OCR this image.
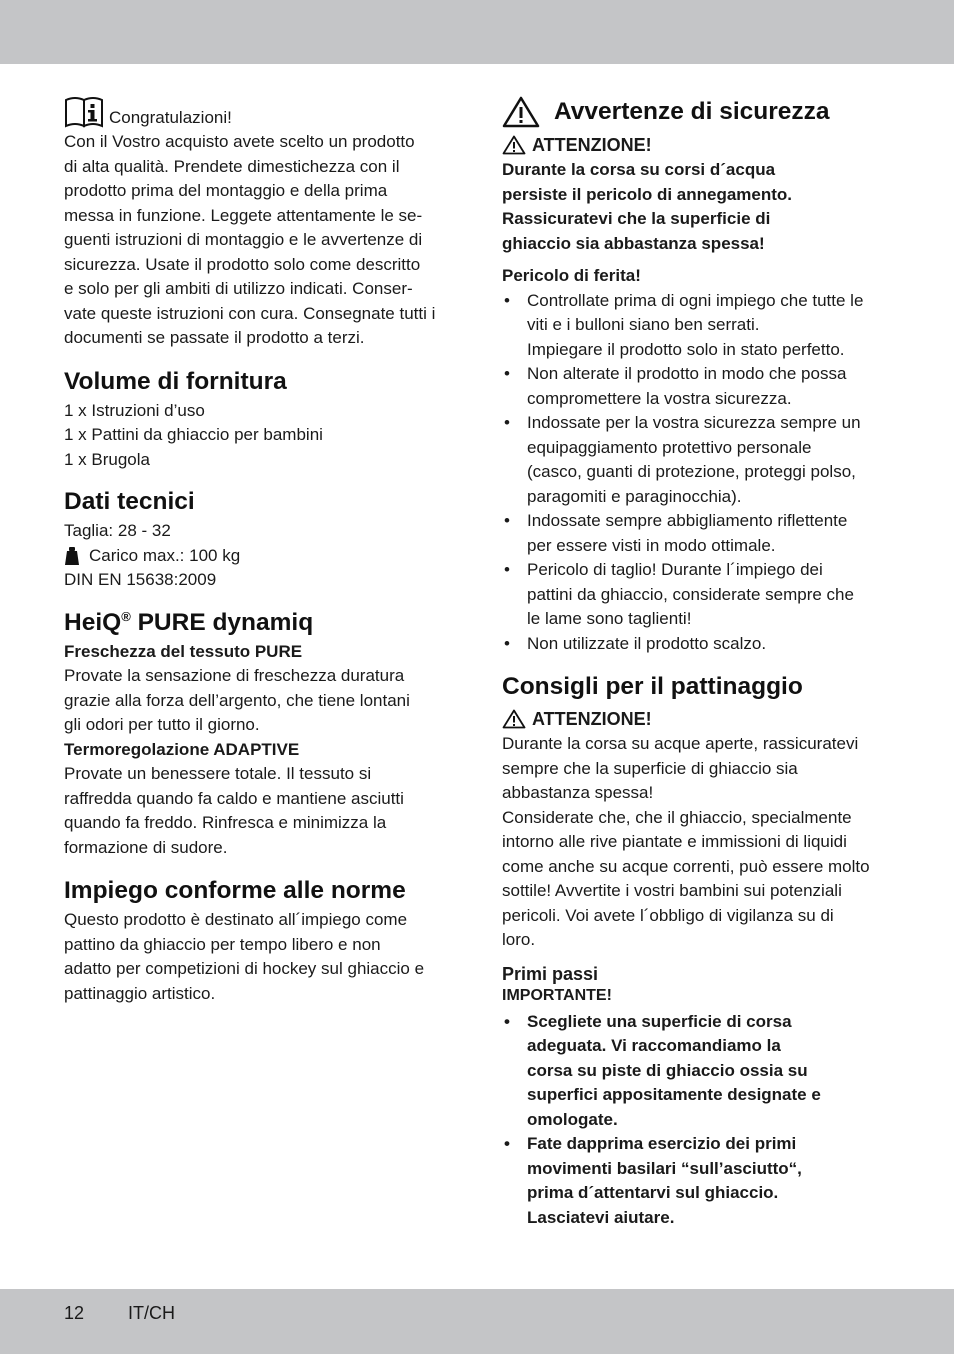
Congratulazioni!
Con il Vostro acquisto avete scelto un prodotto
di alta qualità. Prendete dimestichezza con il
prodotto prima del montaggio e della prima
messa in funzione. Leggete attentamente le se-
guenti istruzioni di montaggio e le avvertenze di
sicurezza. Usate il prodotto solo come descritto
e solo per gli ambiti di utilizzo indicati. Conser-
vate queste istruzioni con cura. Consegnate tutti i
documenti se passate il prodotto a terzi.
Volume di fornitura
1 x Istruzioni d’uso
1 x Pattini da ghiaccio per bambini
1 x Brugola
Dati tecnici
Taglia: 28 - 32
Carico max.: 100 kg
DIN EN 15638:2009
HeiQ® PURE dynamiq
Freschezza del tessuto PURE
Provate la sensazione di freschezza duratura
grazie alla forza dell’argento, che tiene lontani
gli odori per tutto il giorno.
Termoregolazione ADAPTIVE
Provate un benessere totale. Il tessuto si
raffredda quando fa caldo e mantiene asciutti
quando fa freddo. Rinfresca e minimizza la
formazione di sudore.
Impiego conforme alle norme
Questo prodotto è destinato all´impiego come
pattino da ghiaccio per tempo libero e non
adatto per competizioni di hockey sul ghiaccio e
pattinaggio artistico.
Avvertenze di sicurezza
ATTENZIONE!
Durante la corsa su corsi d´acqua
persiste il pericolo di annegamento.
Rassicuratevi che la superficie di
ghiaccio sia abbastanza spessa!
Pericolo di ferita!
• Controllate prima di ogni impiego che tutte le
viti e i bulloni siano ben serrati.
Impiegare il prodotto solo in stato perfetto.
• Non alterate il prodotto in modo che possa
compromettere la vostra sicurezza.
• Indossate per la vostra sicurezza sempre un
equipaggiamento protettivo personale
(casco, guanti di protezione, proteggi polso,
paragomiti e paraginocchia).
• Indossate sempre abbigliamento riflettente
per essere visti in modo ottimale.
• Pericolo di taglio! Durante l´impiego dei
pattini da ghiaccio, considerate sempre che
le lame sono taglienti!
• Non utilizzate il prodotto scalzo.
Consigli per il pattinaggio
ATTENZIONE!
Durante la corsa su acque aperte, rassicuratevi
sempre che la superficie di ghiaccio sia
abbastanza spessa!
Considerate che, che il ghiaccio, specialmente
intorno alle rive piantate e immissioni di liquidi
come anche su acque correnti, può essere molto
sottile! Avvertite i vostri bambini sui potenziali
pericoli. Voi avete l´obbligo di vigilanza su di
loro.
Primi passi
IMPORTANTE!
• Scegliete una superficie di corsa
adeguata. Vi raccomandiamo la
corsa su piste di ghiaccio ossia su
superfici appositamente designate e
omologate.
• Fate dapprima esercizio dei primi
movimenti basilari “sull’asciutto“,
prima d´attentarvi sul ghiaccio.
Lasciatevi aiutare.
12 IT/CH
